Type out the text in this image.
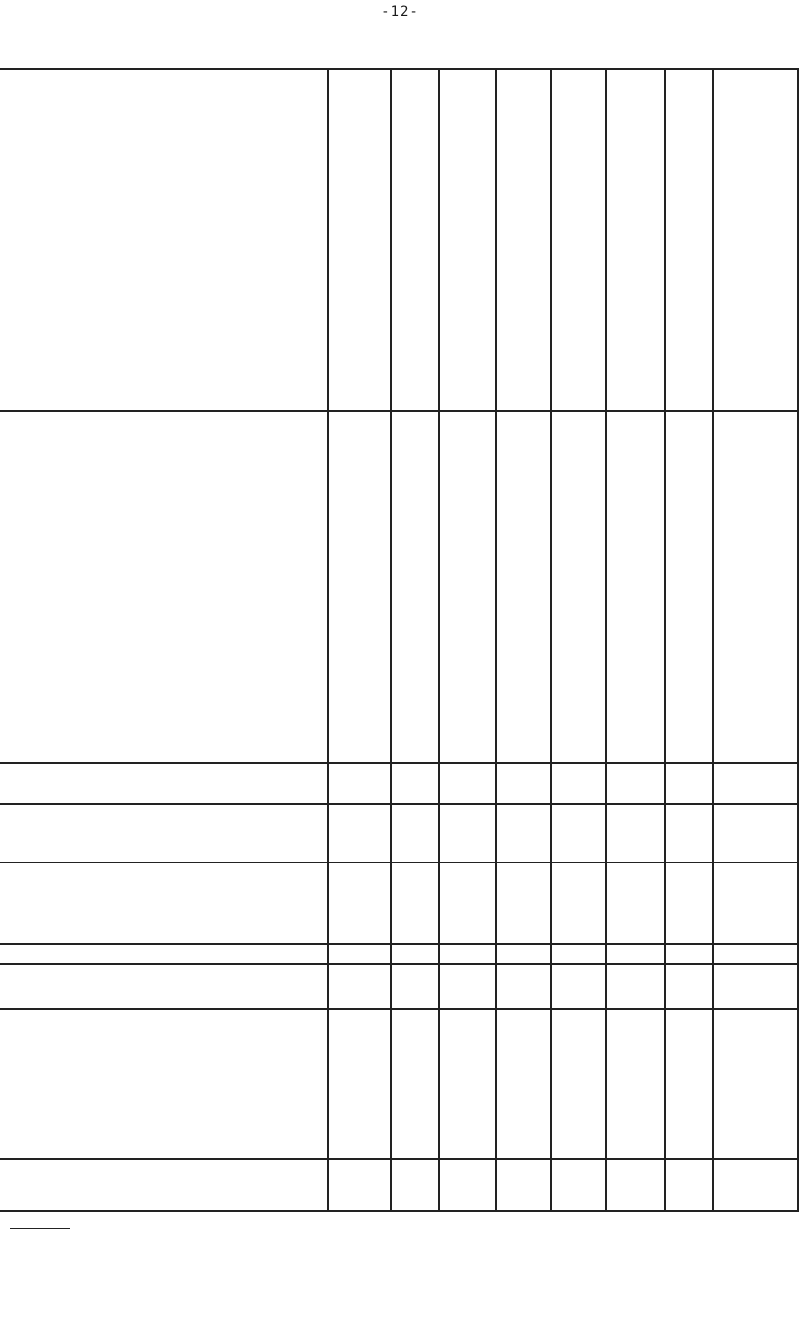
-12-
